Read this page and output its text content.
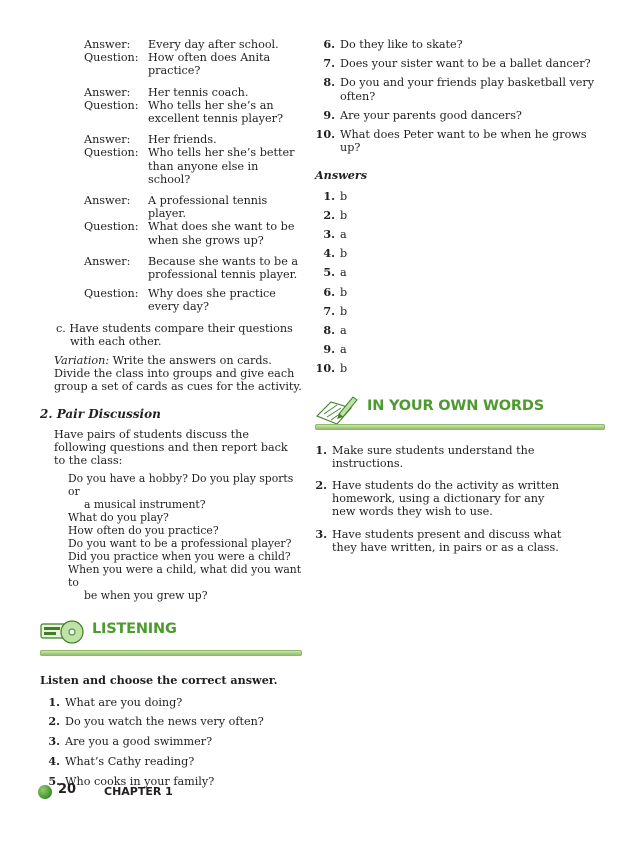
Answer:	Every day after school.
Question: How often does Anita practice?
Answer:	Her tennis coach.
Question: Who tells her she’s an excellent tennis player?
Answer:	Her friends.
Question: Who tells her she’s better than anyone else in school?
Answer:	A professional tennis player.
Question: What does she want to be when she grows up?
Answer:	Because she wants to be a professional tennis player.
Question: Why does she practice every day?

c. Have students compare their questions with each other.

Variation: Write the answers on cards. Divide the class into groups and give each group a set of cards as cues for the activity.

2. Pair Discussion

Have pairs of students discuss the following questions and then report back to the class:

Do you have a hobby? Do you play sports or
a musical instrument?
What do you play?
How often do you practice?
Do you want to be a professional player?
Did you practice when you were a child?
When you were a child, what did you want to
be when you grew up?
LISTENING
Listen and choose the correct answer.
1. What are you doing?
2. Do you watch the news very often?
3. Are you a good swimmer?
4. What’s Cathy reading?
5. Who cooks in your family?
6. Do they like to skate?
7. Does your sister want to be a ballet dancer?
8. Do you and your friends play basketball very often?
9. Are your parents good dancers?
10. What does Peter want to be when he grows up?
Answers
1. b
2. b
3. a
4. b
5. a
6. b
7. b
8. a
9. a
10. b
IN YOUR OWN WORDS
1. Make sure students understand the instructions.
2. Have students do the activity as written homework, using a dictionary for any new words they wish to use.
3. Have students present and discuss what they have written, in pairs or as a class.
20	CHAPTER 1
